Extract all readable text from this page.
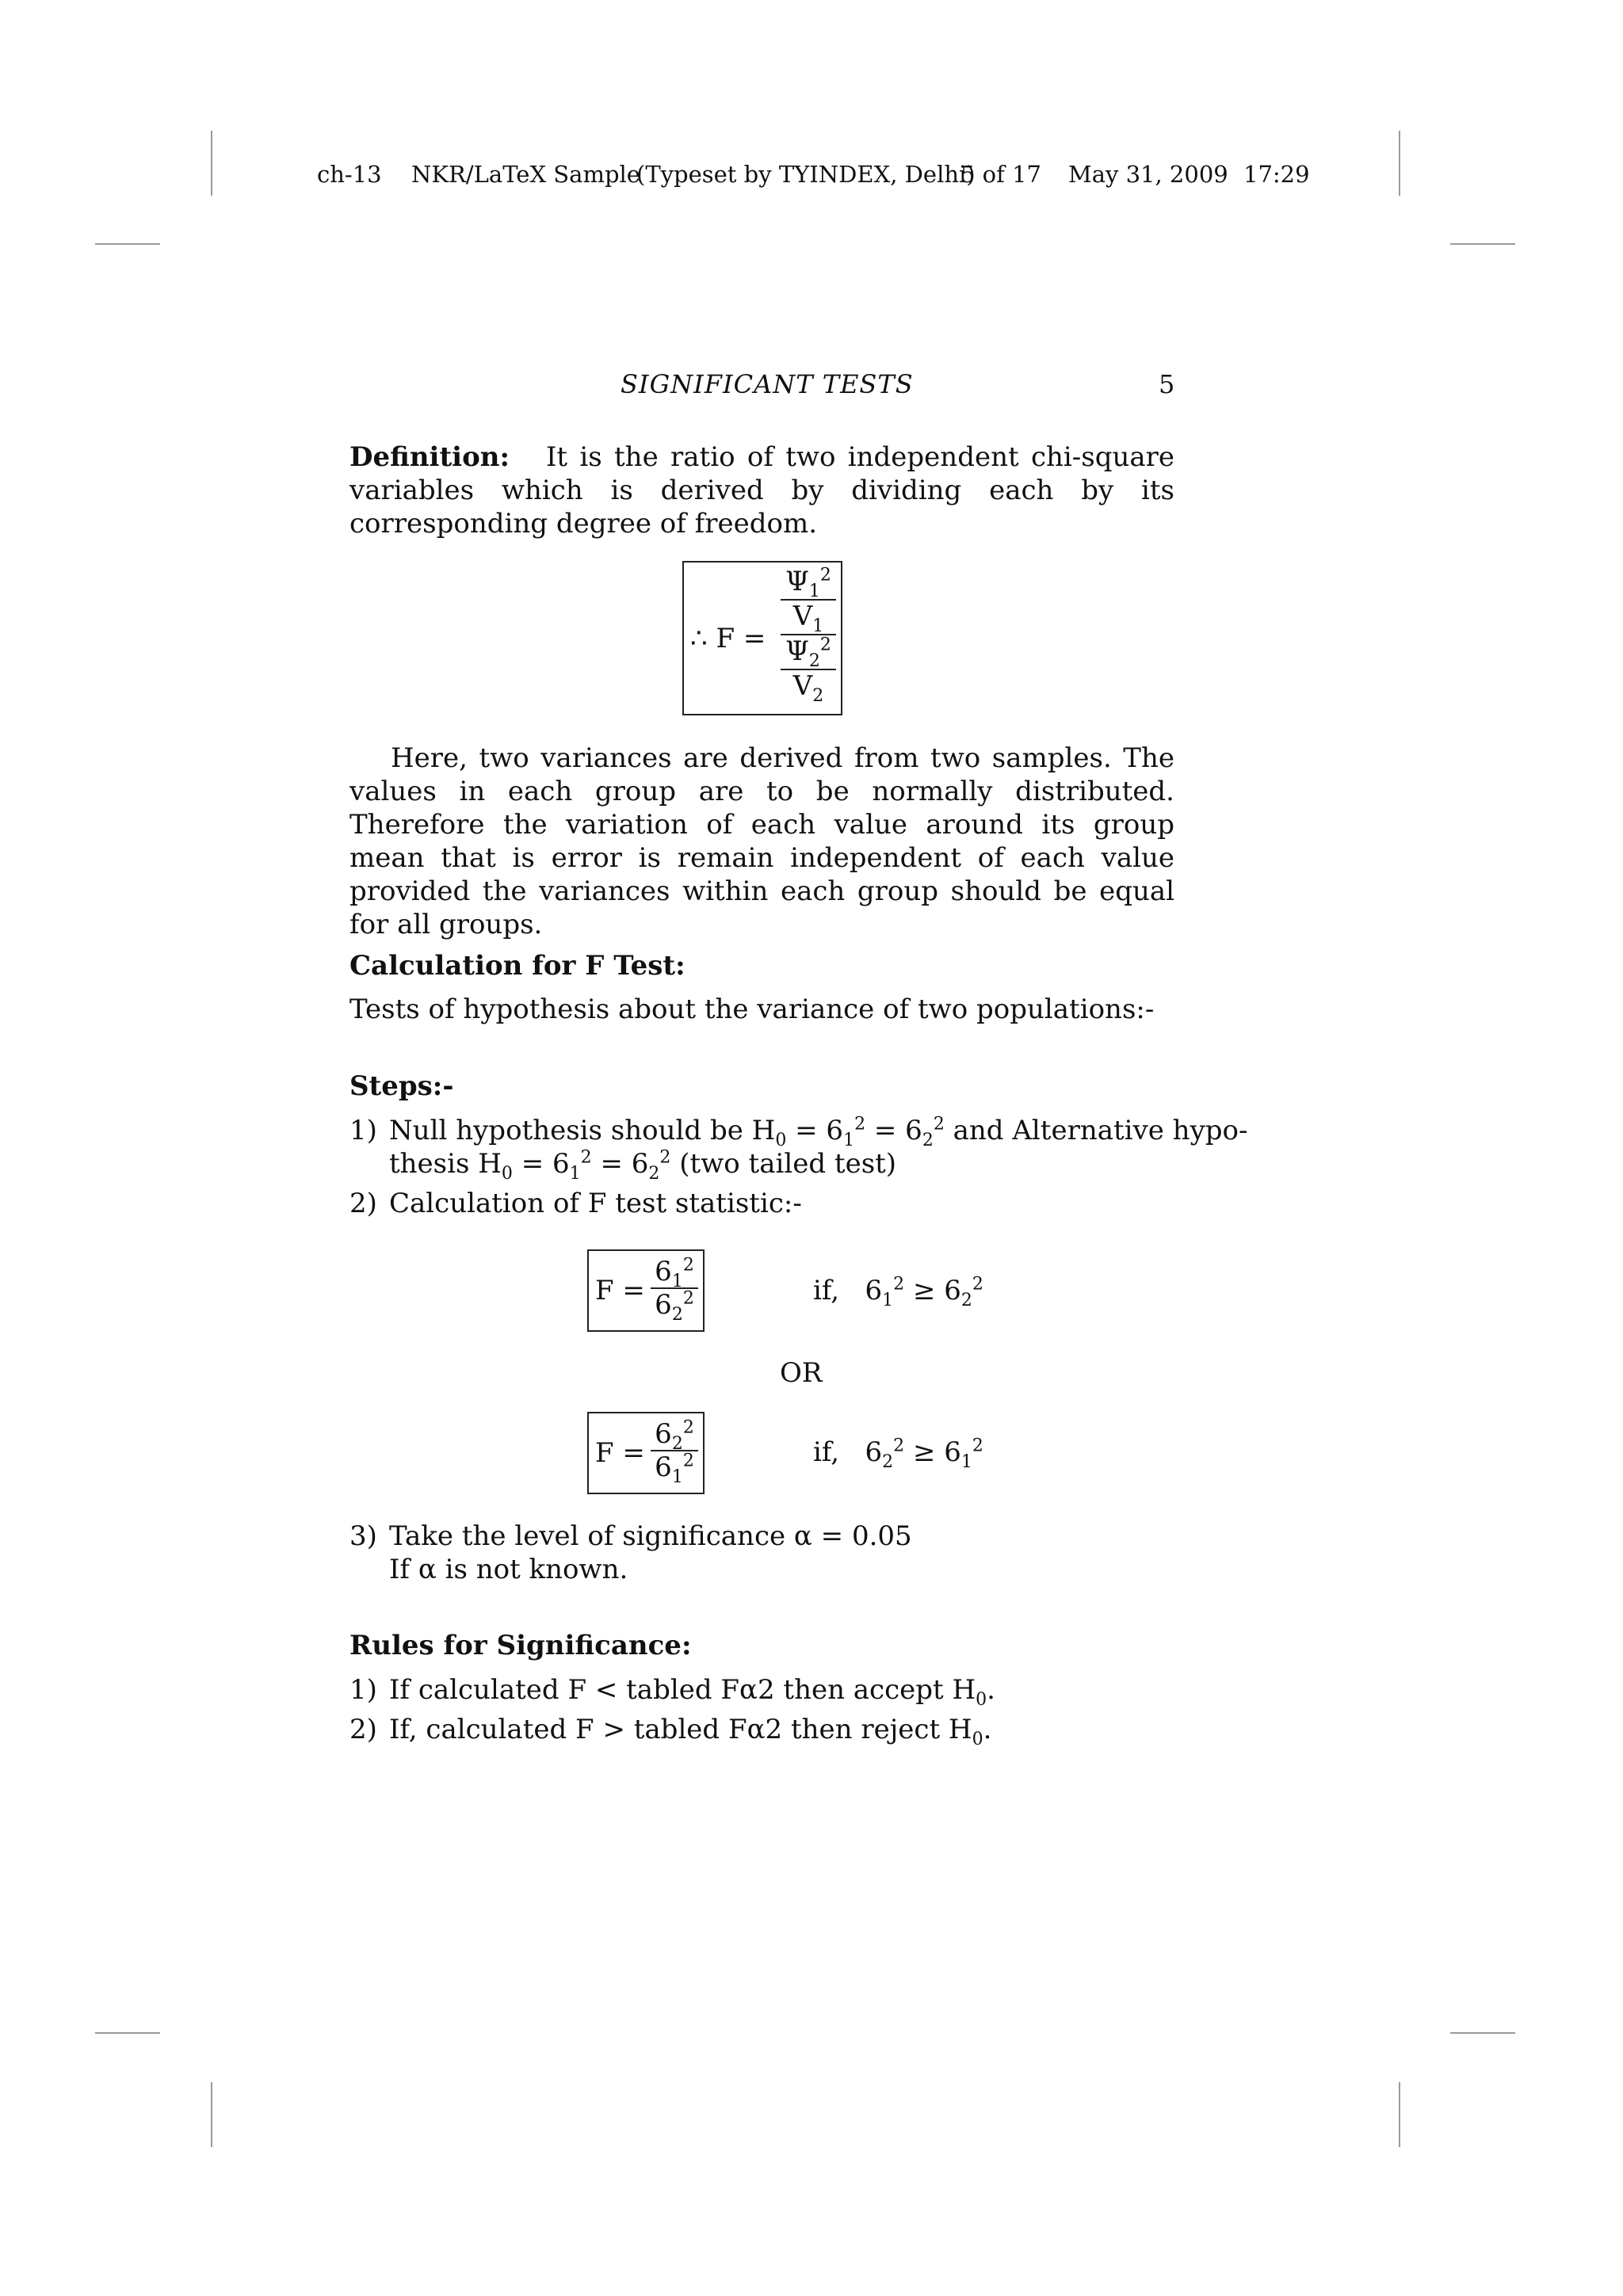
ch-13 NKR/LaTeX Sample
(Typeset by TYINDEX, Delhi)
5 of 17 May 31, 2009 17:29
SIGNIFICANT TESTS	5

Definition: It is the ratio of two independent chi-square variables which is derived by dividing each by its corresponding degree of freedom.

∴ F =
$\Psi_1^2$
$V_1$
$\Psi_2^2$
$V_2$

Here, two variances are derived from two samples. The values in each group are to be normally distributed. Therefore the variation of each value around its group mean that is error is remain independent of each value provided the variances within each group should be equal for all groups.

Calculation for F Test:
Tests of hypothesis about the variance of two populations:-
Steps:-
1) Null hypothesis should be $H_0 = 6_1^2 = 6_2^2$ and Alternative hypo-
thesis $H_0 = 6_1^2 = 6_2^2$ (two tailed test)
2) Calculation of F test statistic:-
F =
$6_1^2$
$6_2^2$	if, $6_1^2 \ge 6_2^2$
OR
F =
$6_2^2$
$6_1^2$	if, $6_2^2 \ge 6_1^2$
3) Take the level of significance α = 0.05
If α is not known.
Rules for Significance:
1) If calculated F < tabled Fα2 then accept $H_0$.
2) If, calculated F > tabled Fα2 then reject $H_0$.
